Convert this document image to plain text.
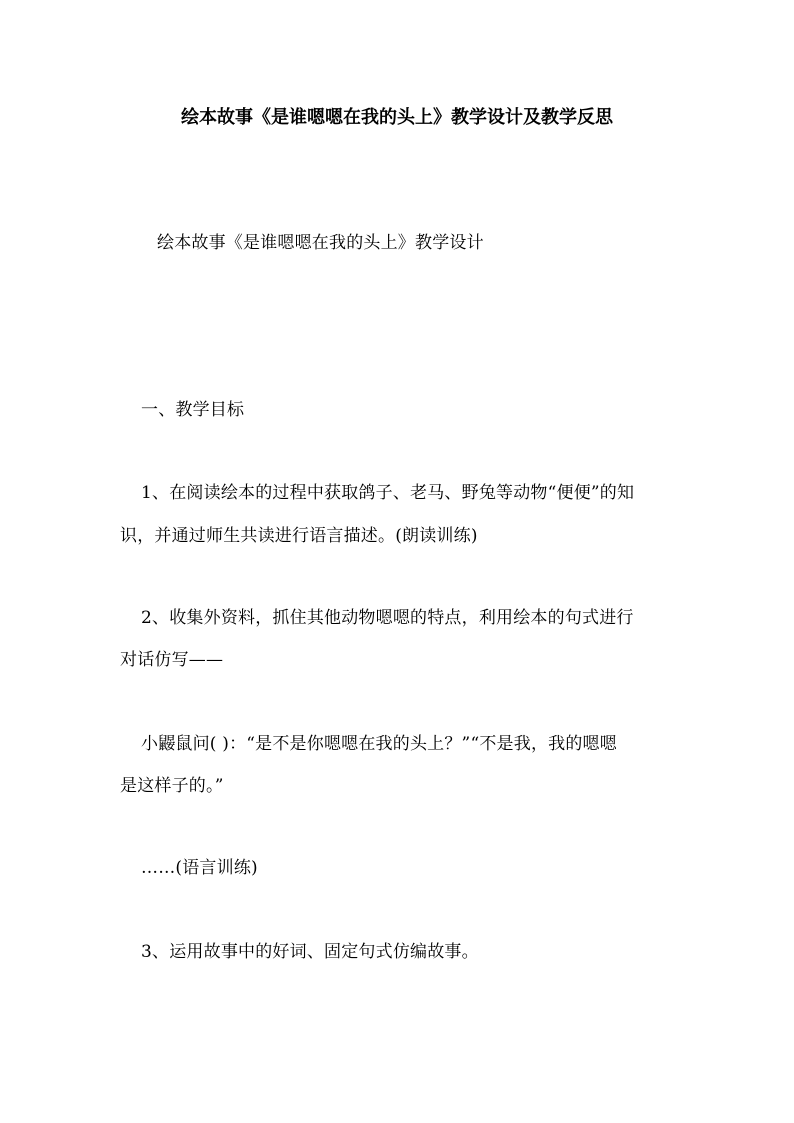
绘本故事《是谁嗯嗯在我的头上》教学设计及教学反思
绘本故事《是谁嗯嗯在我的头上》教学设计
一、教学目标
1、在阅读绘本的过程中获取鸽子、老马、野兔等动物“便便”的知
识，并通过师生共读进行语言描述。(朗读训练)
2、收集外资料，抓住其他动物嗯嗯的特点，利用绘本的句式进行
对话仿写——
小鼹鼠问( )：“是不是你嗯嗯在我的头上？”“不是我，我的嗯嗯
是这样子的。”
……(语言训练)
3、运用故事中的好词、固定句式仿编故事。
